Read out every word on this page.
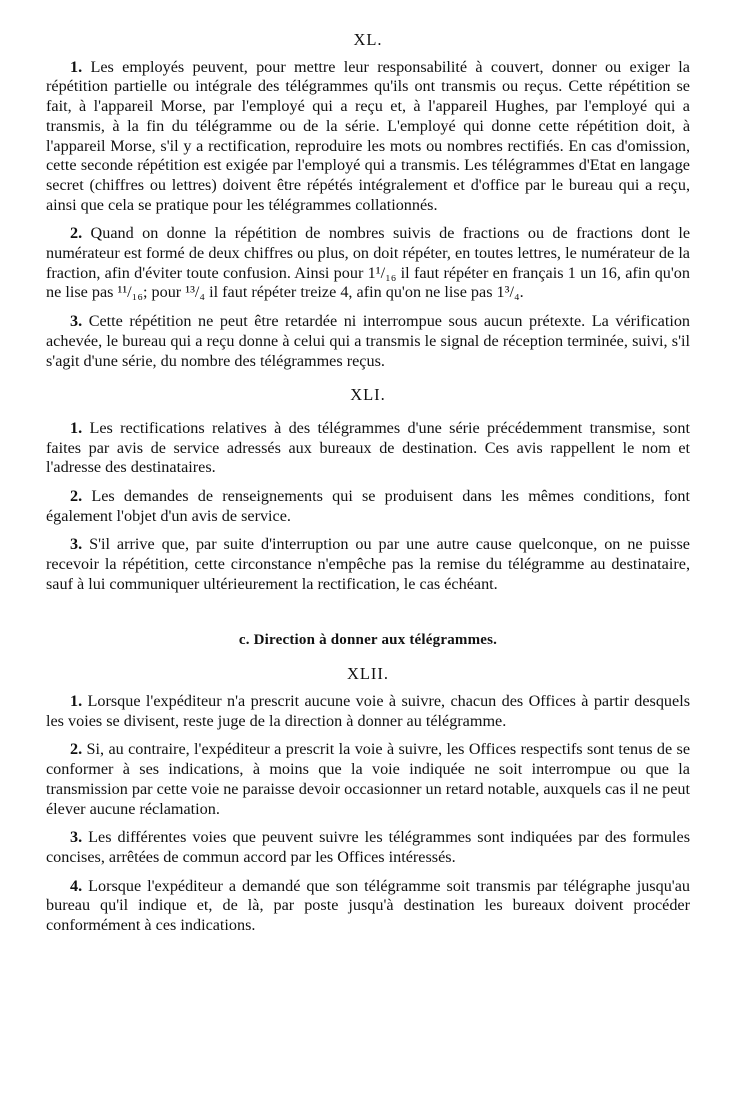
XL.

1. Les employés peuvent, pour mettre leur responsabilité à couvert, donner ou exiger la répétition partielle ou intégrale des télégrammes qu'ils ont transmis ou reçus. Cette répétition se fait, à l'appareil Morse, par l'employé qui a reçu et, à l'appareil Hughes, par l'employé qui a transmis, à la fin du télégramme ou de la série. L'employé qui donne cette répétition doit, à l'appareil Morse, s'il y a rectification, reproduire les mots ou nombres rectifiés. En cas d'omission, cette seconde répétition est exigée par l'employé qui a transmis. Les télégrammes d'Etat en langage secret (chiffres ou lettres) doivent être répétés intégralement et d'office par le bureau qui a reçu, ainsi que cela se pratique pour les télégrammes collationnés.

2. Quand on donne la répétition de nombres suivis de fractions ou de fractions dont le numérateur est formé de deux chiffres ou plus, on doit répéter, en toutes lettres, le numérateur de la fraction, afin d'éviter toute confusion. Ainsi pour 1¹/₁₆ il faut répéter en français 1 un 16, afin qu'on ne lise pas ¹¹/₁₆; pour ¹³/₄ il faut répéter treize 4, afin qu'on ne lise pas 1³/₄.

3. Cette répétition ne peut être retardée ni interrompue sous aucun prétexte. La vérification achevée, le bureau qui a reçu donne à celui qui a transmis le signal de réception terminée, suivi, s'il s'agit d'une série, du nombre des télégrammes reçus.

XLI.

1. Les rectifications relatives à des télégrammes d'une série précédemment transmise, sont faites par avis de service adressés aux bureaux de destination. Ces avis rappellent le nom et l'adresse des destinataires.

2. Les demandes de renseignements qui se produisent dans les mêmes conditions, font également l'objet d'un avis de service.

3. S'il arrive que, par suite d'interruption ou par une autre cause quelconque, on ne puisse recevoir la répétition, cette circonstance n'empêche pas la remise du télégramme au destinataire, sauf à lui communiquer ultérieurement la rectification, le cas échéant.

c. Direction à donner aux télégrammes.
XLII.

1. Lorsque l'expéditeur n'a prescrit aucune voie à suivre, chacun des Offices à partir desquels les voies se divisent, reste juge de la direction à donner au télégramme.

2. Si, au contraire, l'expéditeur a prescrit la voie à suivre, les Offices respectifs sont tenus de se conformer à ses indications, à moins que la voie indiquée ne soit interrompue ou que la transmission par cette voie ne paraisse devoir occasionner un retard notable, auxquels cas il ne peut élever aucune réclamation.

3. Les différentes voies que peuvent suivre les télégrammes sont indiquées par des formules concises, arrêtées de commun accord par les Offices intéressés.

4. Lorsque l'expéditeur a demandé que son télégramme soit transmis par télégraphe jusqu'au bureau qu'il indique et, de là, par poste jusqu'à destination les bureaux doivent procéder conformément à ces indications.
